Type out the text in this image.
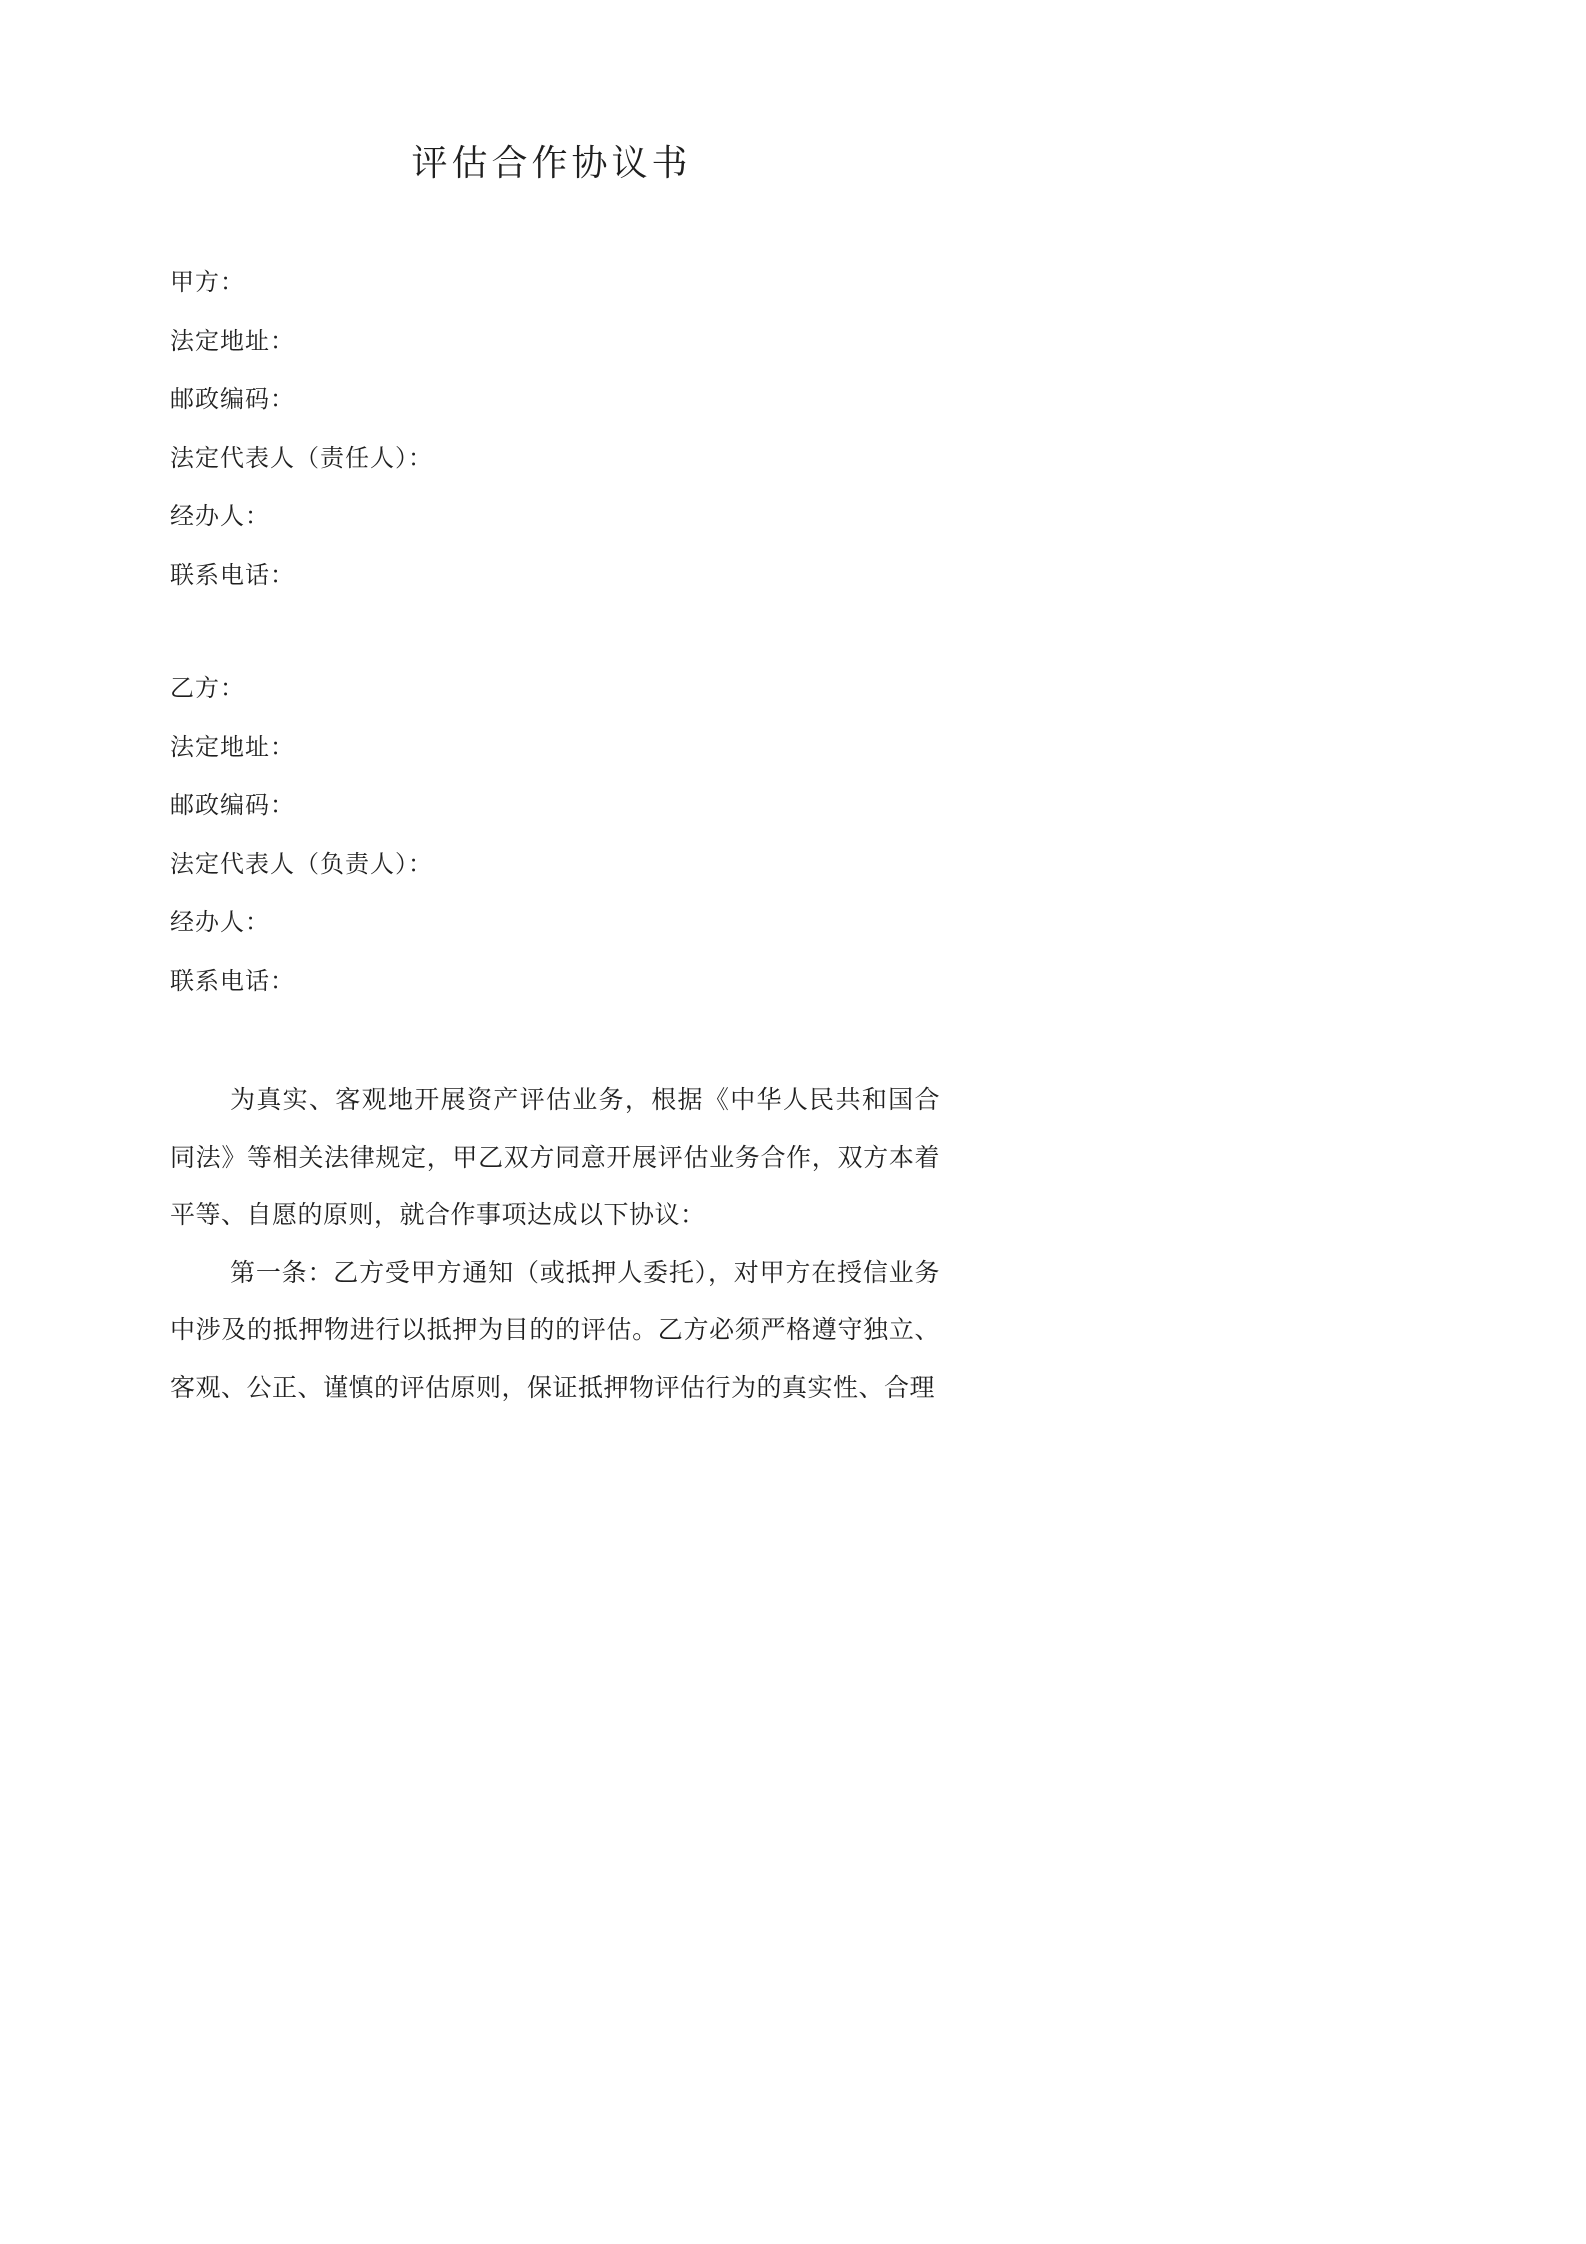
评估合作协议书
甲方：
法定地址：
邮政编码：
法定代表人（责任人）：
经办人：
联系电话：
乙方：
法定地址：
邮政编码：
法定代表人（负责人）：
经办人：
联系电话：

为真实、客观地开展资产评估业务，根据《中华人民共和国合同法》等相关法律规定，甲乙双方同意开展评估业务合作，双方本着平等、自愿的原则，就合作事项达成以下协议：

第一条：乙方受甲方通知（或抵押人委托），对甲方在授信业务中涉及的抵押物进行以抵押为目的的评估。乙方必须严格遵守独立、客观、公正、谨慎的评估原则，保证抵押物评估行为的真实性、合理
